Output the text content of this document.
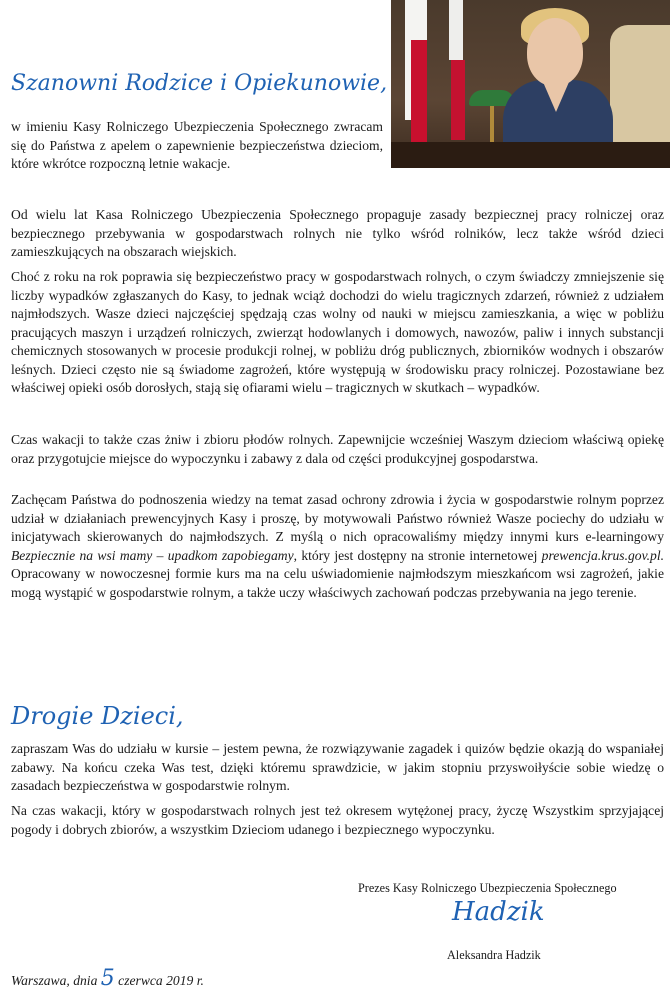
Szanowni Rodzice i Opiekunowie,

w imieniu Kasy Rolniczego Ubezpieczenia Społecznego zwracam się do Państwa z apelem o zapewnienie bezpieczeństwa dzieciom, które wkrótce rozpoczną letnie wakacje.

Od wielu lat Kasa Rolniczego Ubezpieczenia Społecznego propaguje zasady bezpiecznej pracy rolniczej oraz bezpiecznego przebywania w gospodarstwach rolnych nie tylko wśród rolników, lecz także wśród dzieci zamieszkujących na obszarach wiejskich.

Choć z roku na rok poprawia się bezpieczeństwo pracy w gospodarstwach rolnych, o czym świadczy zmniejszenie się liczby wypadków zgłaszanych do Kasy, to jednak wciąż dochodzi do wielu tragicznych zdarzeń, również z udziałem najmłodszych. Wasze dzieci najczęściej spędzają czas wolny od nauki w miejscu zamieszkania, a więc w pobliżu pracujących maszyn i urządzeń rolniczych, zwierząt hodowlanych i domowych, nawozów, paliw i innych substancji chemicznych stosowanych w procesie produkcji rolnej, w pobliżu dróg publicznych, zbiorników wodnych i obszarów leśnych. Dzieci często nie są świadome zagrożeń, które występują w środowisku pracy rolniczej. Pozostawiane bez właściwej opieki osób dorosłych, stają się ofiarami wielu – tragicznych w skutkach – wypadków.

Czas wakacji to także czas żniw i zbioru płodów rolnych. Zapewnijcie wcześniej Waszym dzieciom właściwą opiekę oraz przygotujcie miejsce do wypoczynku i zabawy z dala od części produkcyjnej gospodarstwa.

Zachęcam Państwa do podnoszenia wiedzy na temat zasad ochrony zdrowia i życia w gospodarstwie rolnym poprzez udział w działaniach prewencyjnych Kasy i proszę, by motywowali Państwo również Wasze pociechy do udziału w inicjatywach skierowanych do najmłodszych. Z myślą o nich opracowaliśmy między innymi kurs e-learningowy Bezpiecznie na wsi mamy – upadkom zapobiegamy, który jest dostępny na stronie internetowej prewencja.krus.gov.pl. Opracowany w nowoczesnej formie kurs ma na celu uświadomienie najmłodszym mieszkańcom wsi zagrożeń, jakie mogą wystąpić w gospodarstwie rolnym, a także uczy właściwych zachowań podczas przebywania na jego terenie.

Drogie Dzieci,

zapraszam Was do udziału w kursie – jestem pewna, że rozwiązywanie zagadek i quizów będzie okazją do wspaniałej zabawy. Na końcu czeka Was test, dzięki któremu sprawdzicie, w jakim stopniu przyswoiłyście sobie wiedzę o zasadach bezpieczeństwa w gospodarstwie rolnym.

Na czas wakacji, który w gospodarstwach rolnych jest też okresem wytężonej pracy, życzę Wszystkim sprzyjającej pogody i dobrych zbiorów, a wszystkim Dzieciom udanego i bezpiecznego wypoczynku.

Prezes Kasy Rolniczego Ubezpieczenia Społecznego
Hadzik
Aleksandra Hadzik
Warszawa, dnia 5 czerwca 2019 r.
